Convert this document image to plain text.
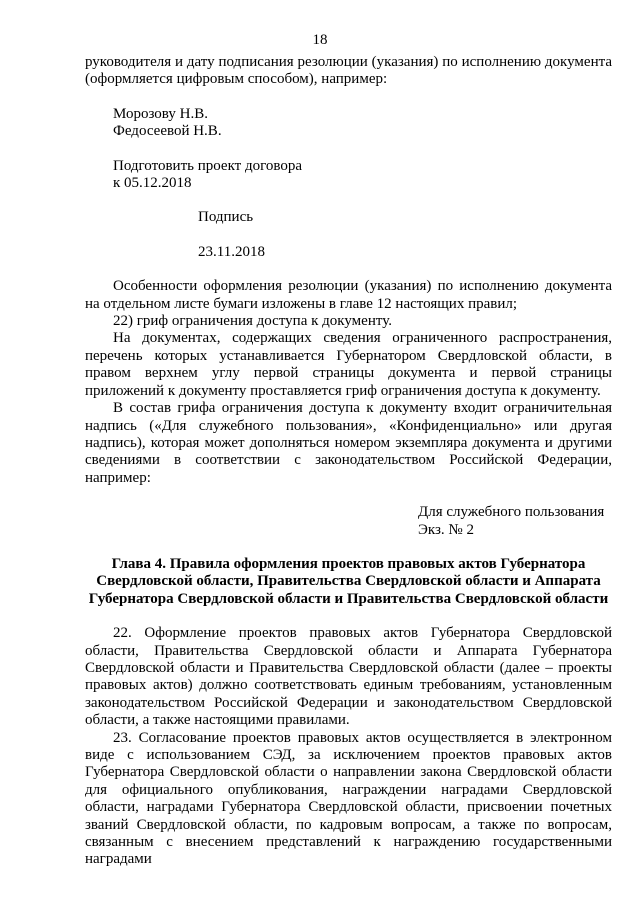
18

руководителя и дату подписания резолюции (указания) по исполнению документа (оформляется цифровым способом), например:

Морозову Н.В.

Федосеевой Н.В.

Подготовить проект договора

к 05.12.2018

Подпись

23.11.2018

Особенности оформления резолюции (указания) по исполнению документа на отдельном листе бумаги изложены в главе 12 настоящих правил;

22) гриф ограничения доступа к документу.

На документах, содержащих сведения ограниченного распространения, перечень которых устанавливается Губернатором Свердловской области, в правом верхнем углу первой страницы документа и первой страницы приложений к документу проставляется гриф ограничения доступа к документу.

В состав грифа ограничения доступа к документу входит ограничительная надпись («Для служебного пользования», «Конфиденциально» или другая надпись), которая может дополняться номером экземпляра документа и другими сведениями в соответствии с законодательством Российской Федерации, например:

Для служебного пользования

Экз. № 2

Глава 4. Правила оформления проектов правовых актов Губернатора

Свердловской области, Правительства Свердловской области и Аппарата

Губернатора Свердловской области и Правительства Свердловской области

22. Оформление проектов правовых актов Губернатора Свердловской области, Правительства Свердловской области и Аппарата Губернатора Свердловской области и Правительства Свердловской области (далее – проекты правовых актов) должно соответствовать единым требованиям, установленным законодательством Российской Федерации и законодательством Свердловской области, а также настоящими правилами.

23. Согласование проектов правовых актов осуществляется в электронном виде с использованием СЭД, за исключением проектов правовых актов Губернатора Свердловской области о направлении закона Свердловской области для официального опубликования, награждении наградами Свердловской области, наградами Губернатора Свердловской области, присвоении почетных званий Свердловской области, по кадровым вопросам, а также по вопросам, связанным с внесением представлений к награждению государственными наградами
